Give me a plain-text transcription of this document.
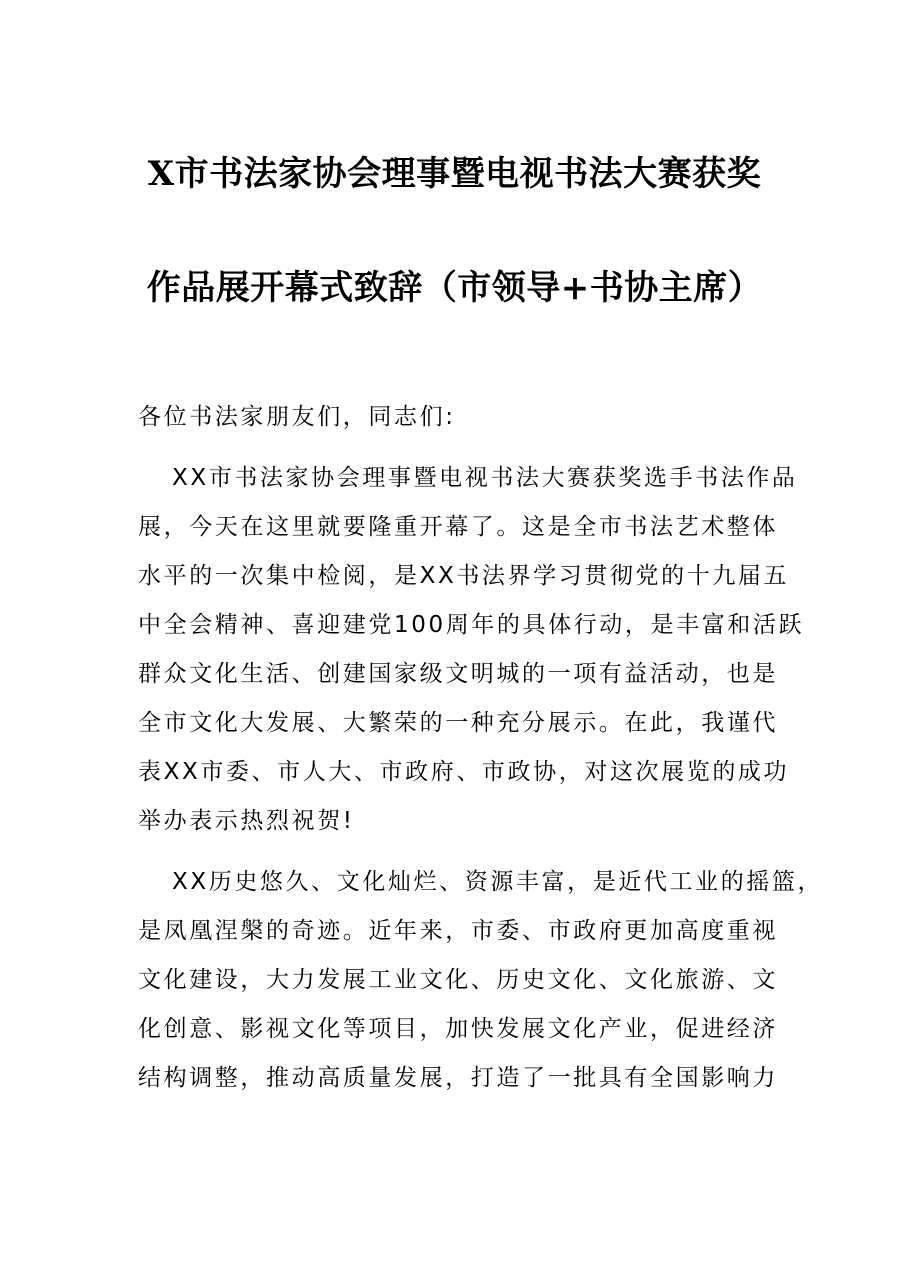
X市书法家协会理事暨电视书法大赛获奖
作品展开幕式致辞（市领导+书协主席）
各位书法家朋友们，同志们:
XX市书法家协会理事暨电视书法大赛获奖选手书法作品
展，今天在这里就要隆重开幕了。这是全市书法艺术整体
水平的一次集中检阅，是XX书法界学习贯彻党的十九届五
中全会精神、喜迎建党100周年的具体行动，是丰富和活跃
群众文化生活、创建国家级文明城的一项有益活动，也是
全市文化大发展、大繁荣的一种充分展示。在此，我谨代
表XX市委、市人大、市政府、市政协，对这次展览的成功
举办表示热烈祝贺!
XX历史悠久、文化灿烂、资源丰富，是近代工业的摇篮，
是凤凰涅槃的奇迹。近年来，市委、市政府更加高度重视
文化建设，大力发展工业文化、历史文化、文化旅游、文
化创意、影视文化等项目，加快发展文化产业，促进经济
结构调整，推动高质量发展，打造了一批具有全国影响力
